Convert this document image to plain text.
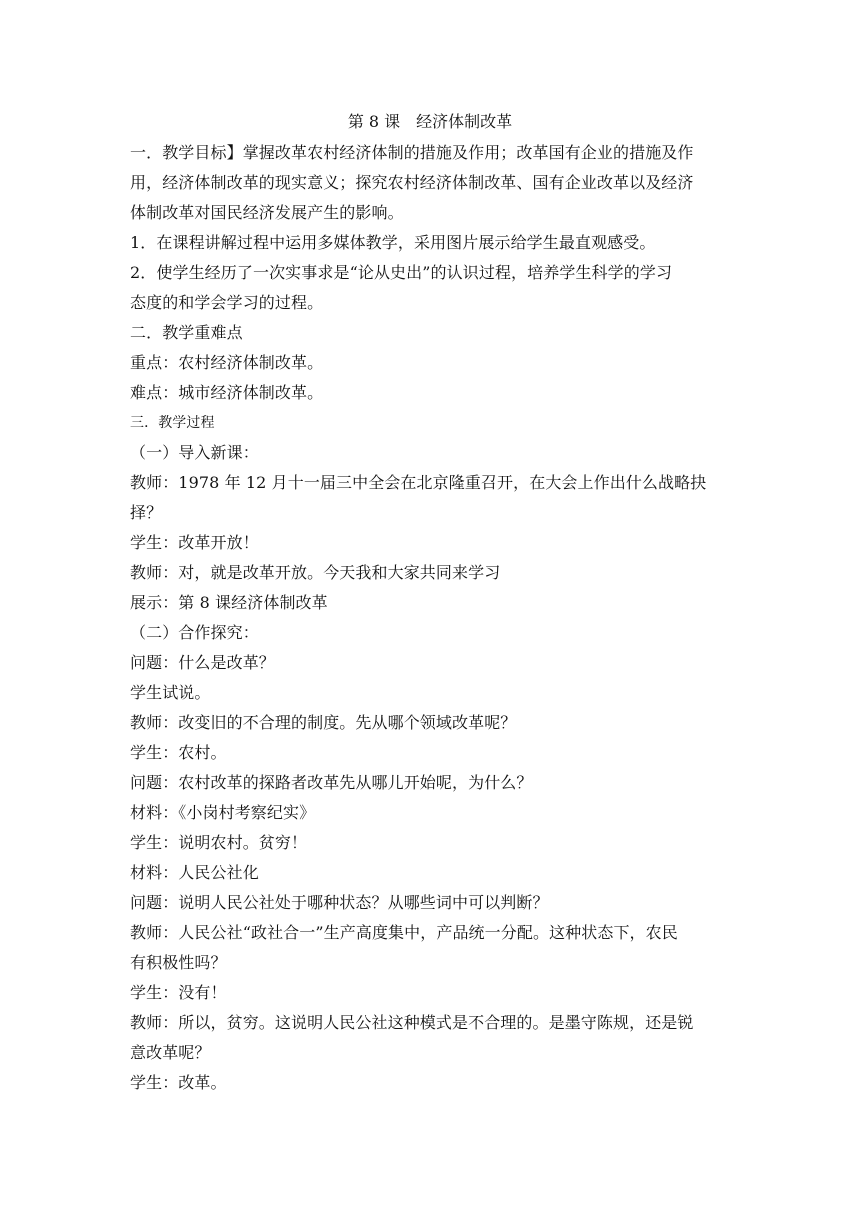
第 8 课　经济体制改革
一．教学目标】掌握改革农村经济体制的措施及作用；改革国有企业的措施及作
用，经济体制改革的现实意义；探究农村经济体制改革、国有企业改革以及经济
体制改革对国民经济发展产生的影响。
1．在课程讲解过程中运用多媒体教学，采用图片展示给学生最直观感受。
2．使学生经历了一次实事求是“论从史出”的认识过程，培养学生科学的学习
态度的和学会学习的过程。
二．教学重难点
重点：农村经济体制改革。
难点：城市经济体制改革。
三．教学过程
（一）导入新课：
教师：1978 年 12 月十一届三中全会在北京隆重召开，在大会上作出什么战略抉
择？
学生：改革开放！
教师：对，就是改革开放。今天我和大家共同来学习
展示：第 8 课经济体制改革
（二）合作探究：
问题：什么是改革？
学生试说。
教师：改变旧的不合理的制度。先从哪个领域改革呢？
学生：农村。
问题：农村改革的探路者改革先从哪儿开始呢，为什么？
材料：《小岗村考察纪实》
学生：说明农村。贫穷！
材料：人民公社化
问题：说明人民公社处于哪种状态？从哪些词中可以判断？
教师：人民公社“政社合一”生产高度集中，产品统一分配。这种状态下，农民
有积极性吗？
学生：没有！
教师：所以，贫穷。这说明人民公社这种模式是不合理的。是墨守陈规，还是锐
意改革呢？
学生：改革。
